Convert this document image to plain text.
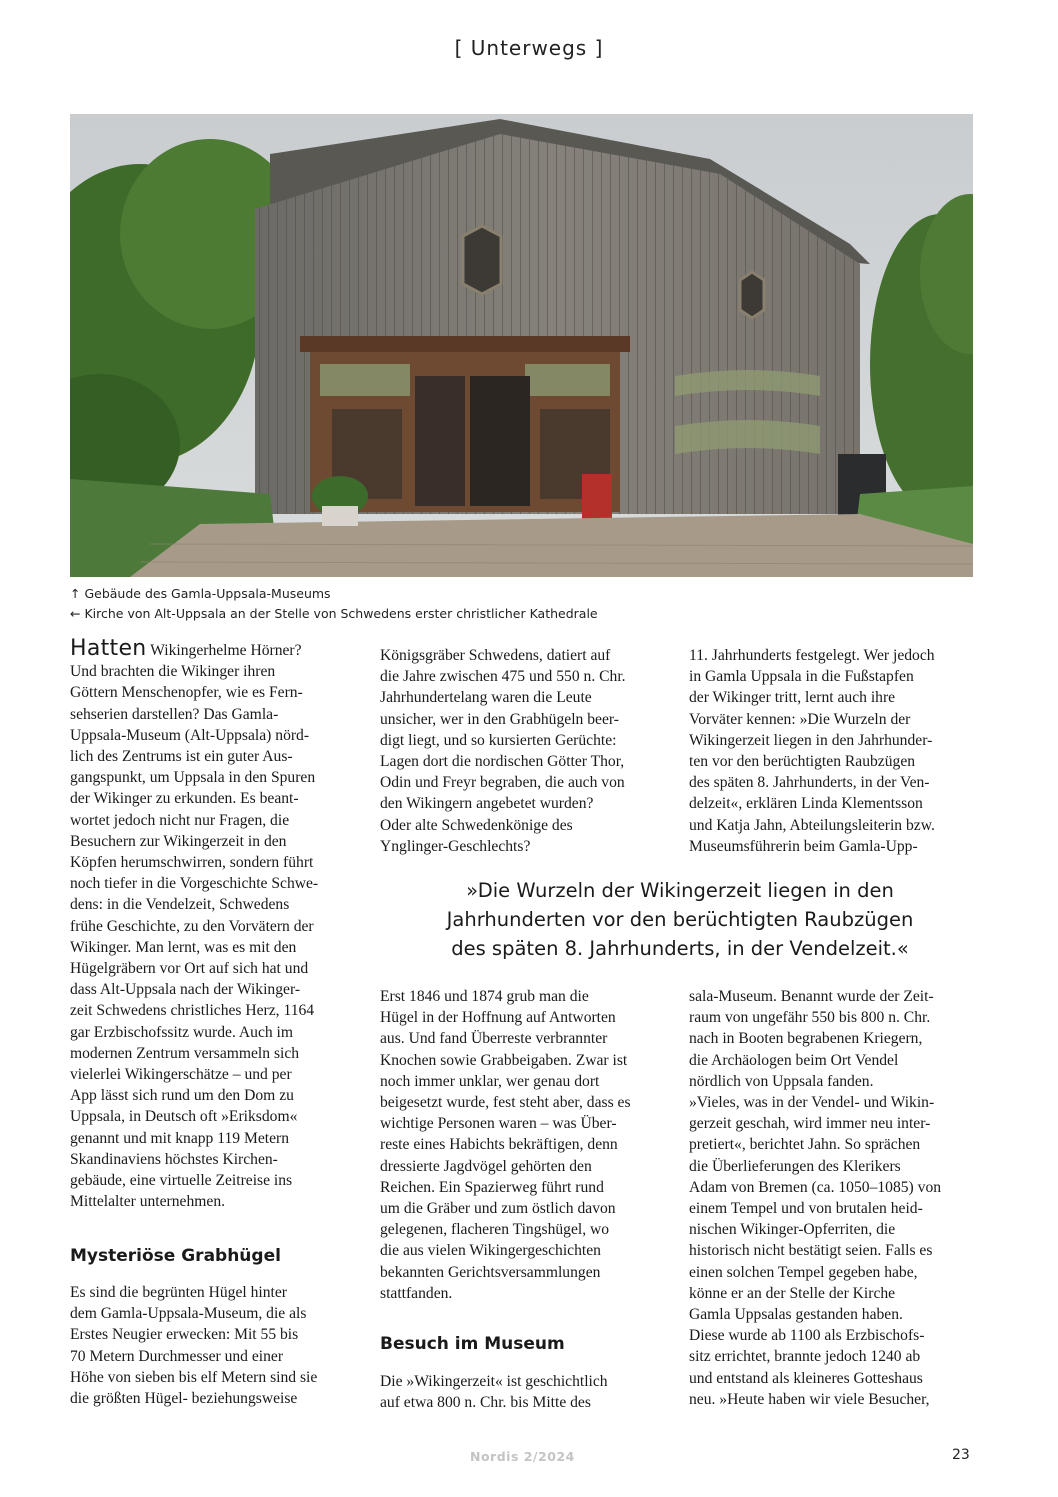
[ Unterwegs ]
↑ Gebäude des Gamla-Uppsala-Museums
← Kirche von Alt-Uppsala an der Stelle von Schwedens erster christlicher Kathedrale

Hatten Wikingerhelme Hörner?
Und brachten die Wikinger ihren
Göttern Menschenopfer, wie es Fern-
sehserien darstellen? Das Gamla-
Uppsala-Museum (Alt-Uppsala) nörd-
lich des Zentrums ist ein guter Aus-
gangspunkt, um Uppsala in den Spuren
der Wikinger zu erkunden. Es beant-
wortet jedoch nicht nur Fragen, die
Besuchern zur Wikingerzeit in den
Köpfen herumschwirren, sondern führt
noch tiefer in die Vorgeschichte Schwe-
dens: in die Vendelzeit, Schwedens
frühe Geschichte, zu den Vorvätern der
Wikinger. Man lernt, was es mit den
Hügelgräbern vor Ort auf sich hat und
dass Alt-Uppsala nach der Wikinger-
zeit Schwedens christliches Herz, 1164
gar Erzbischofssitz wurde. Auch im
modernen Zentrum versammeln sich
vielerlei Wikingerschätze – und per
App lässt sich rund um den Dom zu
Uppsala, in Deutsch oft »Eriksdom«
genannt und mit knapp 119 Metern
Skandinaviens höchstes Kirchen-
gebäude, eine virtuelle Zeitreise ins
Mittelalter unternehmen.

Mysteriöse Grabhügel

Es sind die begrünten Hügel hinter
dem Gamla-Uppsala-Museum, die als
Erstes Neugier erwecken: Mit 55 bis
70 Metern Durchmesser und einer
Höhe von sieben bis elf Metern sind sie
die größten Hügel- beziehungsweise

Königsgräber Schwedens, datiert auf
die Jahre zwischen 475 und 550 n. Chr.
Jahrhundertelang waren die Leute
unsicher, wer in den Grabhügeln beer-
digt liegt, und so kursierten Gerüchte:
Lagen dort die nordischen Götter Thor,
Odin und Freyr begraben, die auch von
den Wikingern angebetet wurden?
Oder alte Schwedenkönige des
Ynglinger-Geschlechts?

Erst 1846 und 1874 grub man die
Hügel in der Hoffnung auf Antworten
aus. Und fand Überreste verbrannter
Knochen sowie Grabbeigaben. Zwar ist
noch immer unklar, wer genau dort
beigesetzt wurde, fest steht aber, dass es
wichtige Personen waren – was Über-
reste eines Habichts bekräftigen, denn
dressierte Jagdvögel gehörten den
Reichen. Ein Spazierweg führt rund
um die Gräber und zum östlich davon
gelegenen, flacheren Tingshügel, wo
die aus vielen Wikingergeschichten
bekannten Gerichtsversammlungen
stattfanden.

Besuch im Museum

Die »Wikingerzeit« ist geschichtlich
auf etwa 800 n. Chr. bis Mitte des

11. Jahrhunderts festgelegt. Wer jedoch
in Gamla Uppsala in die Fußstapfen
der Wikinger tritt, lernt auch ihre
Vorväter kennen: »Die Wurzeln der
Wikingerzeit liegen in den Jahrhunder-
ten vor den berüchtigten Raubzügen
des späten 8. Jahrhunderts, in der Ven-
delzeit«, erklären Linda Klementsson
und Katja Jahn, Abteilungsleiterin bzw.
Museumsführerin beim Gamla-Upp-

»Die Wurzeln der Wikingerzeit liegen in den
Jahrhunderten vor den berüchtigten Raubzügen
des späten 8. Jahrhunderts, in der Vendelzeit.«

sala-Museum. Benannt wurde der Zeit-
raum von ungefähr 550 bis 800 n. Chr.
nach in Booten begrabenen Kriegern,
die Archäologen beim Ort Vendel
nördlich von Uppsala fanden.
»Vieles, was in der Vendel- und Wikin-
gerzeit geschah, wird immer neu inter-
pretiert«, berichtet Jahn. So sprächen
die Überlieferungen des Klerikers
Adam von Bremen (ca. 1050–1085) von
einem Tempel und von brutalen heid-
nischen Wikinger-Opferriten, die
historisch nicht bestätigt seien. Falls es
einen solchen Tempel gegeben habe,
könne er an der Stelle der Kirche
Gamla Uppsalas gestanden haben.
Diese wurde ab 1100 als Erzbischofs-
sitz errichtet, brannte jedoch 1240 ab
und entstand als kleineres Gotteshaus
neu. »Heute haben wir viele Besucher,

Nordis 2/2024	23
